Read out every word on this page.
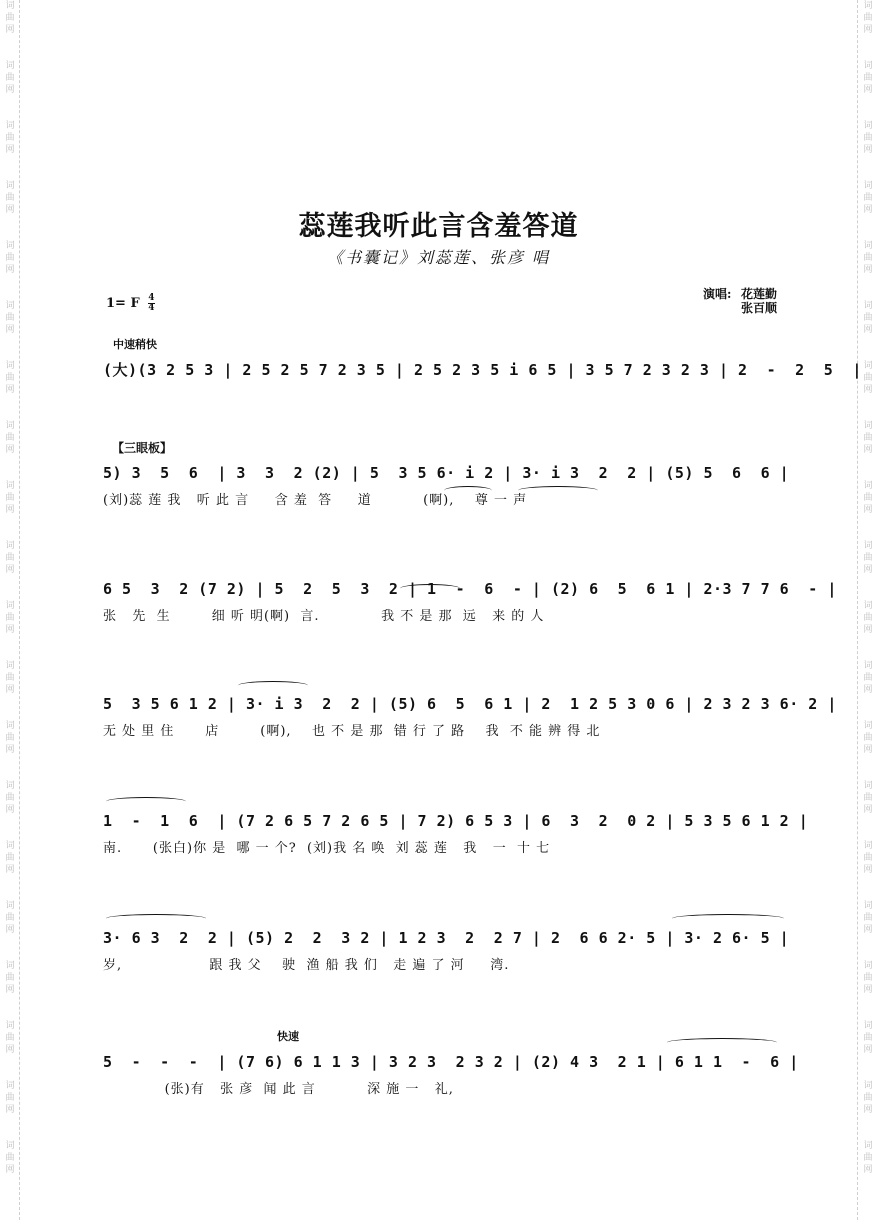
词
曲
网
词
曲
网
词
曲
网
词
曲
网
词
曲
网
词
曲
网
词
曲
网
词
曲
网
词
曲
网
词
曲
网
词
曲
网
词
曲
网
词
曲
网
词
曲
网
词
曲
网
词
曲
网
词
曲
网
词
曲
网
词
曲
网
词
曲
网
词
曲
网
词
曲
网
词
曲
网
词
曲
网
词
曲
网
词
曲
网
词
曲
网
词
曲
网
词
曲
网
词
曲
网
词
曲
网
词
曲
网
词
曲
网
词
曲
网
词
曲
网
词
曲
网
词
曲
网
词
曲
网
词
曲
网
词
曲
网
蕊莲我听此言含羞答道
《书囊记》刘蕊莲、张彦 唱
1= F $\frac{4}{4}$	演唱: 花莲勤
张百顺
中速稍快
【三眼板】
快速
(大)(3 2 5 3 | 2 5 2 5 7 2 3 5 | 2 5 2 3 5 i 6 5 | 3 5 7 2 3 2 3 | 2  -  2  5  |
5) 3  5  6  | 3  3  2 (2) | 5  3 5 6· i 2 | 3· i 3  2  2 | (5) 5  6  6 |
(刘)蕊 莲 我   听 此 言     含 羞  答     道          (啊),    尊 一 声
6 5  3  2 (7 2) | 5  2  5  3  2 | 1  -  6  - | (2) 6  5  6 1 | 2·3 7 7 6  - |
张   先  生        细 听 明(啊)  言.            我 不 是 那  远   来 的 人
5  3 5 6 1 2 | 3· i 3  2  2 | (5) 6  5  6 1 | 2  1 2 5 3 0 6 | 2 3 2 3 6· 2 |
无 处 里 住      店        (啊),    也 不 是 那  错 行 了 路    我  不 能 辨 得 北
1  -  1  6  | (7 2 6 5 7 2 6 5 | 7 2) 6 5 3 | 6  3  2  0 2 | 5 3 5 6 1 2 |
南.      (张白)你 是  哪 一 个?  (刘)我 名 唤  刘 蕊 莲   我   一  十 七
3· 6 3  2  2 | (5) 2  2  3 2 | 1 2 3  2  2 7 | 2  6 6 2· 5 | 3· 2 6· 5 |
岁,                 跟 我 父    驶  渔 船 我 们   走 遍 了 河     湾.
5  -  -  -  | (7 6) 6 1 1 3 | 3 2 3  2 3 2 | (2) 4 3  2 1 | 6 1 1  -  6 |
(张)有   张 彦  闻 此 言          深 施 一   礼,
